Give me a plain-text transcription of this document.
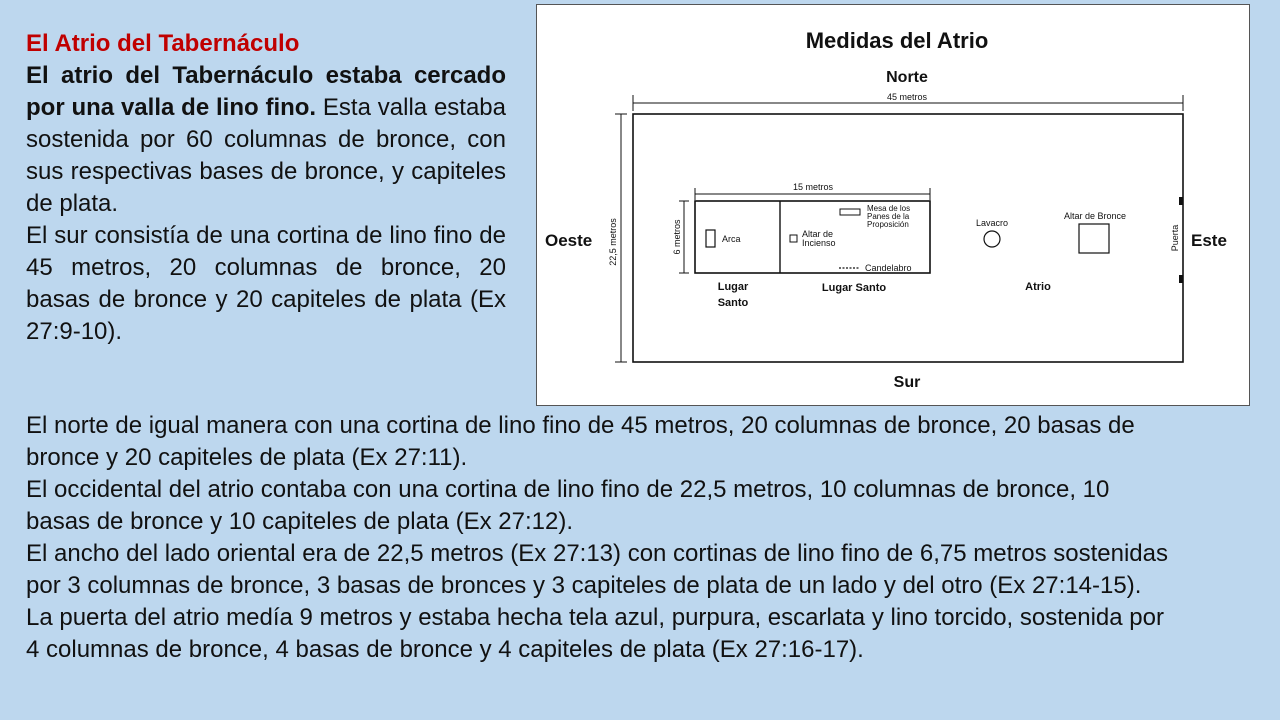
El Atrio del Tabernáculo

El atrio del Tabernáculo estaba cercado por una valla de lino fino. Esta valla estaba sostenida por 60 columnas de bronce, con sus respectivas bases de bronce, y capiteles de plata.

El sur consistía de una cortina de lino fino de 45 metros, 20 columnas de bronce, 20 basas de bronce y 20 capiteles de plata (Ex 27:9-10).

Medidas del Atrio
Norte
45 metros
22,5 metros
Oeste	Este
Puerta
15 metros
6 metros	Arca	Altar de
Incienso
Mesa de los
Panes de la
Proposición
Candelabro
Lavacro
Altar de Bronce
Lugar
Santo
Lugar Santo	Atrio
Sur

El norte de igual manera con una cortina de lino fino de 45 metros, 20 columnas de bronce, 20 basas de bronce y 20 capiteles de plata (Ex 27:11).

El occidental del atrio contaba con una cortina de lino fino de 22,5 metros, 10 columnas de bronce, 10 basas de bronce y 10 capiteles de plata (Ex 27:12).

El ancho del lado oriental era de 22,5 metros (Ex 27:13) con cortinas de lino fino de 6,75 metros sostenidas por 3 columnas de bronce, 3 basas de bronces y 3 capiteles de plata de un lado y del otro (Ex 27:14-15).

La puerta del atrio medía 9 metros y estaba hecha tela azul, purpura, escarlata y lino torcido, sostenida por 4 columnas de bronce, 4 basas de bronce y 4 capiteles de plata (Ex 27:16-17).
